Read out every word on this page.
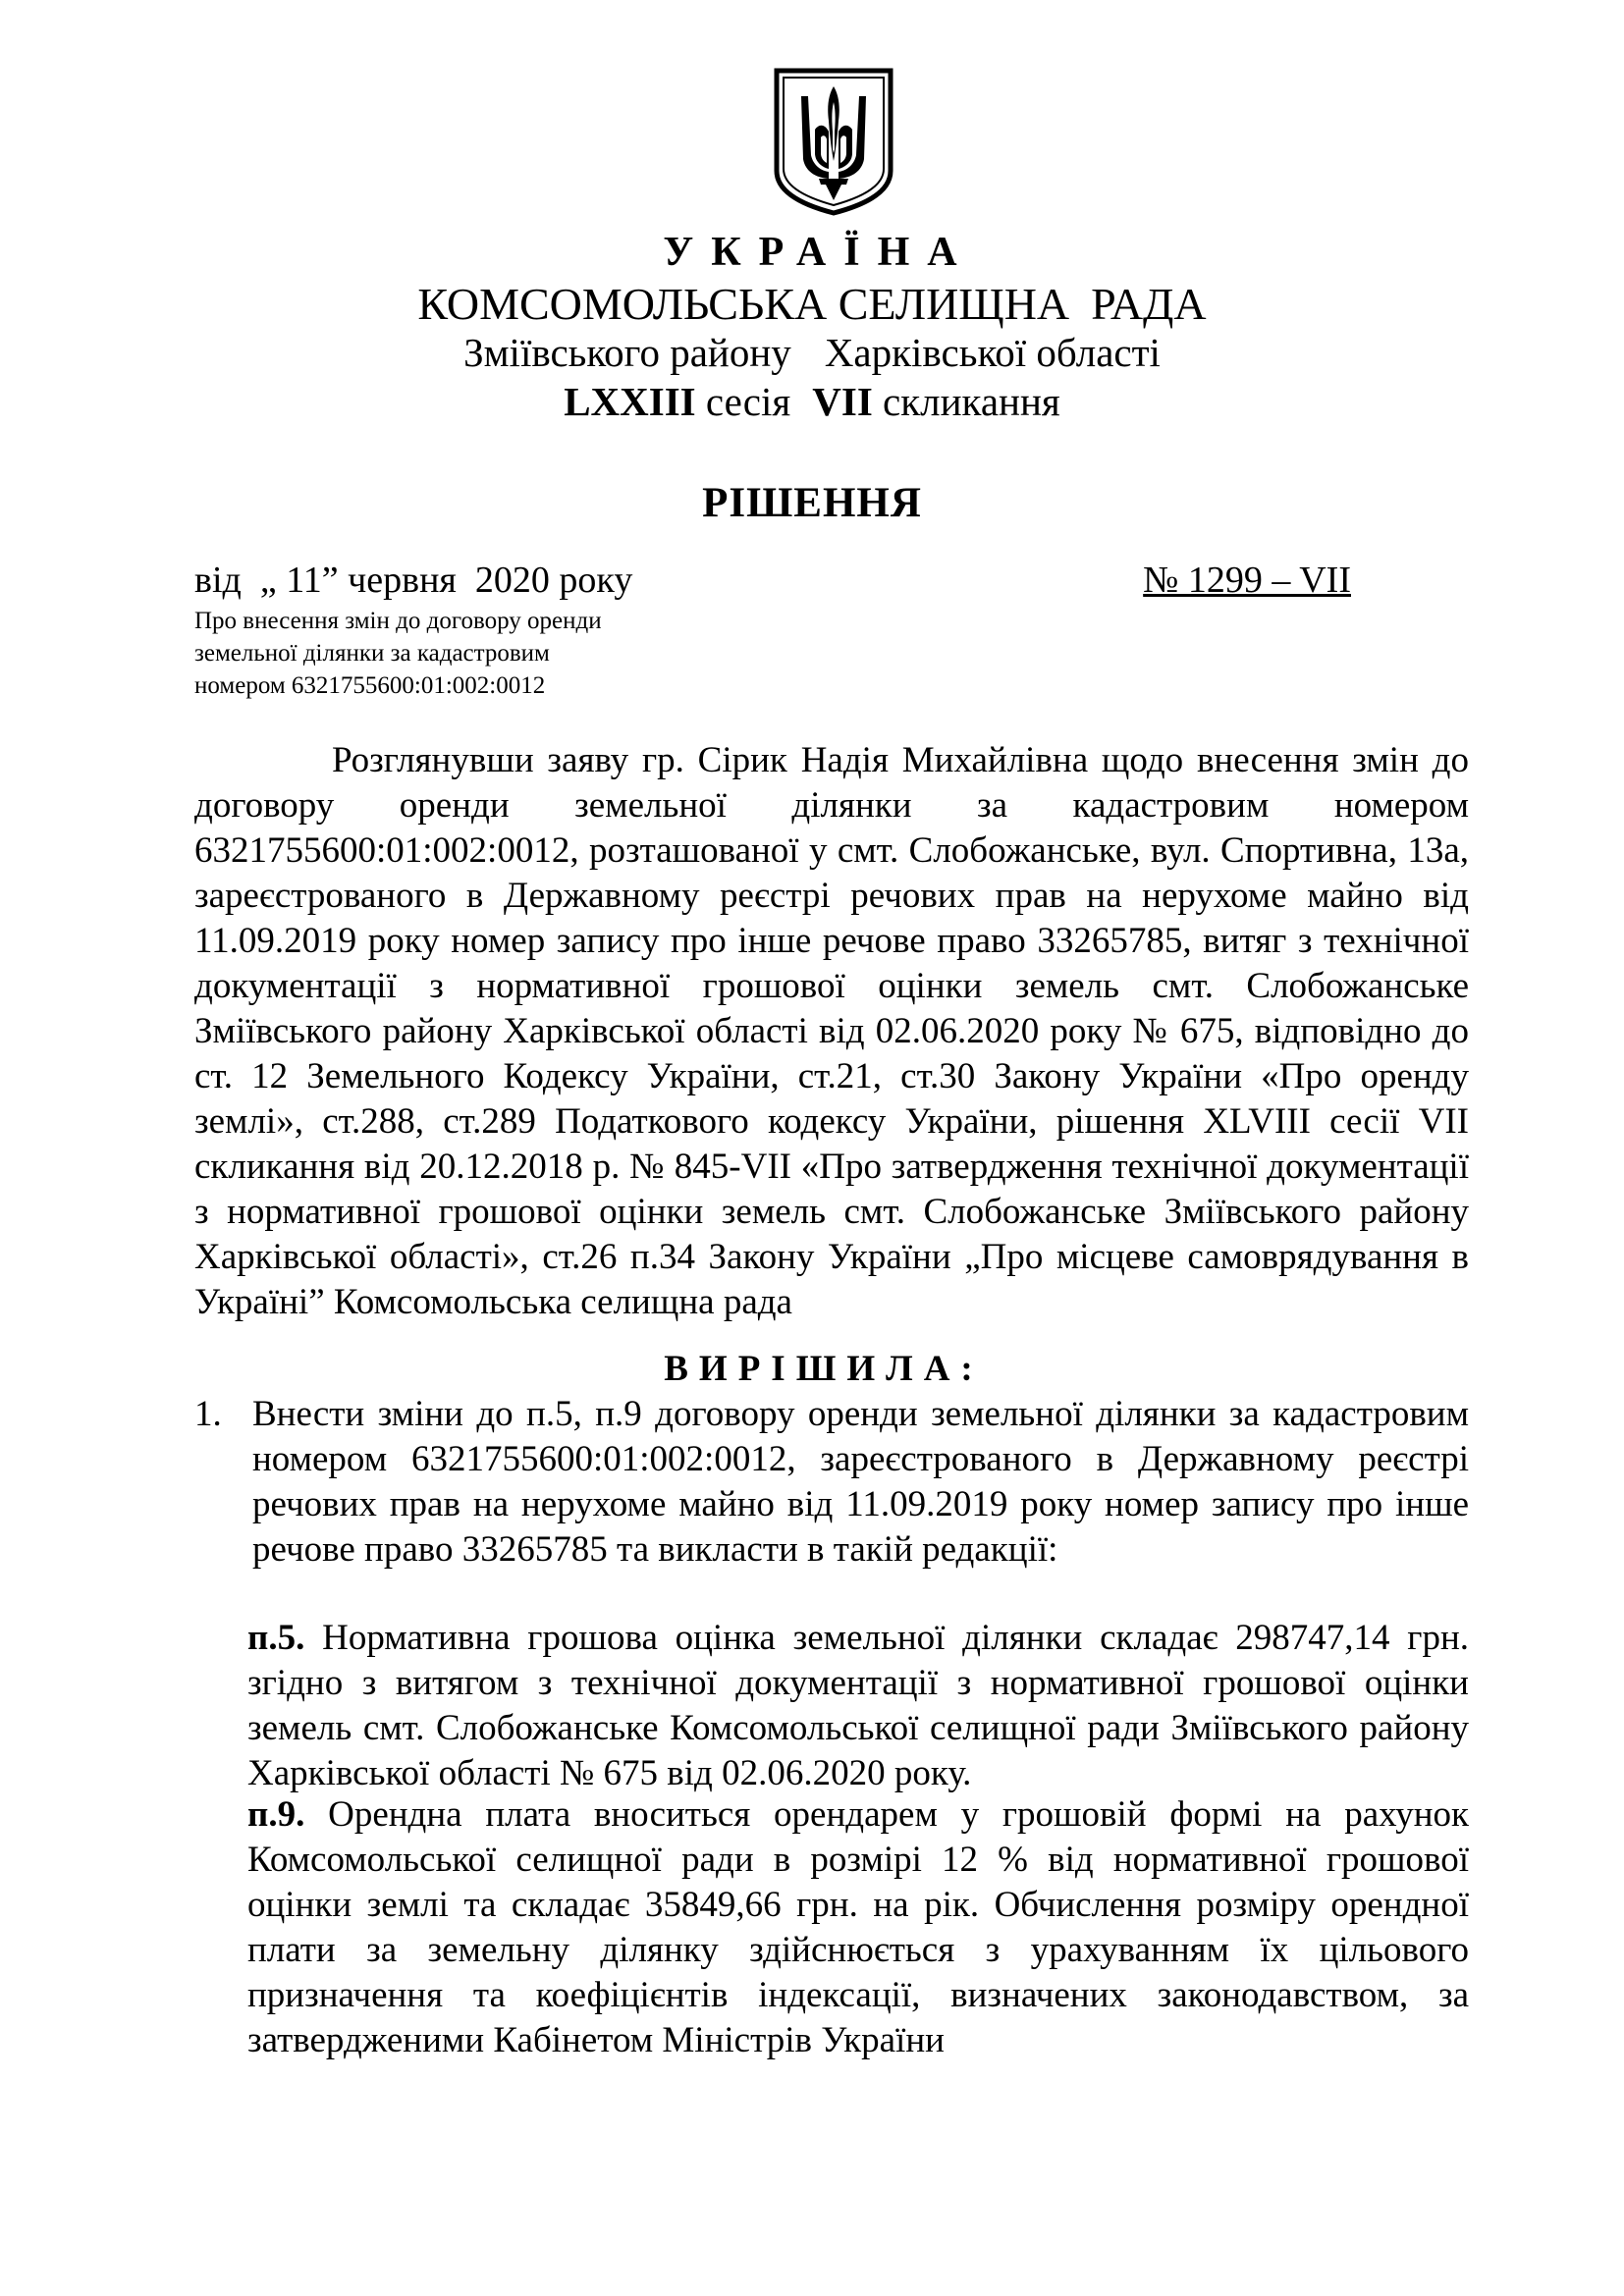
УКРАЇНА
КОМСОМОЛЬСЬКА СЕЛИЩНА РАДА
Зміївського району Харківської області
LXXIII сесія VII скликання
РІШЕННЯ
від  „ 11” червня  2020 року	№ 1299 – VII
Про внесення змін до договору оренди
земельної ділянки за кадастровим
номером 6321755600:01:002:0012
Розглянувши заяву гр. Сірик Надія Михайлівна щодо внесення змін до договору оренди земельної ділянки за кадастровим номером 6321755600:01:002:0012, розташованої у смт. Слобожанське, вул. Спортивна, 13а, зареєстрованого в Державному реєстрі речових прав на нерухоме майно від 11.09.2019 року номер запису про інше речове право 33265785, витяг з технічної документації з нормативної грошової оцінки земель смт. Слобожанське Зміївського району Харківської області від 02.06.2020 року № 675, відповідно до ст. 12 Земельного Кодексу України, ст.21, ст.30 Закону України «Про оренду землі», ст.288, ст.289 Податкового кодексу України, рішення XLVIII сесії VII скликання від 20.12.2018 р. № 845-VII «Про затвердження технічної документації з нормативної грошової оцінки земель смт. Слобожанське Зміївського району Харківської області», ст.26 п.34 Закону України „Про місцеве самоврядування в Україні” Комсомольська селищна рада
ВИРІШИЛА:
1. Внести зміни до п.5, п.9 договору оренди земельної ділянки за кадастровим номером 6321755600:01:002:0012, зареєстрованого в Державному реєстрі речових прав на нерухоме майно від 11.09.2019 року номер запису про інше речове право 33265785 та викласти в такій редакції:
п.5. Нормативна грошова оцінка земельної ділянки складає 298747,14 грн. згідно з витягом з технічної документації з нормативної грошової оцінки земель смт. Слобожанське Комсомольської селищної ради Зміївського району Харківської області № 675 від 02.06.2020 року.
п.9. Орендна плата вноситься орендарем у грошовій формі на рахунок Комсомольської селищної ради в розмірі 12 % від нормативної грошової оцінки землі та складає 35849,66 грн. на рік. Обчислення розміру орендної плати за земельну ділянку здійснюється з урахуванням їх цільового призначення та коефіцієнтів індексації, визначених законодавством, за затвердженими Кабінетом Міністрів України
